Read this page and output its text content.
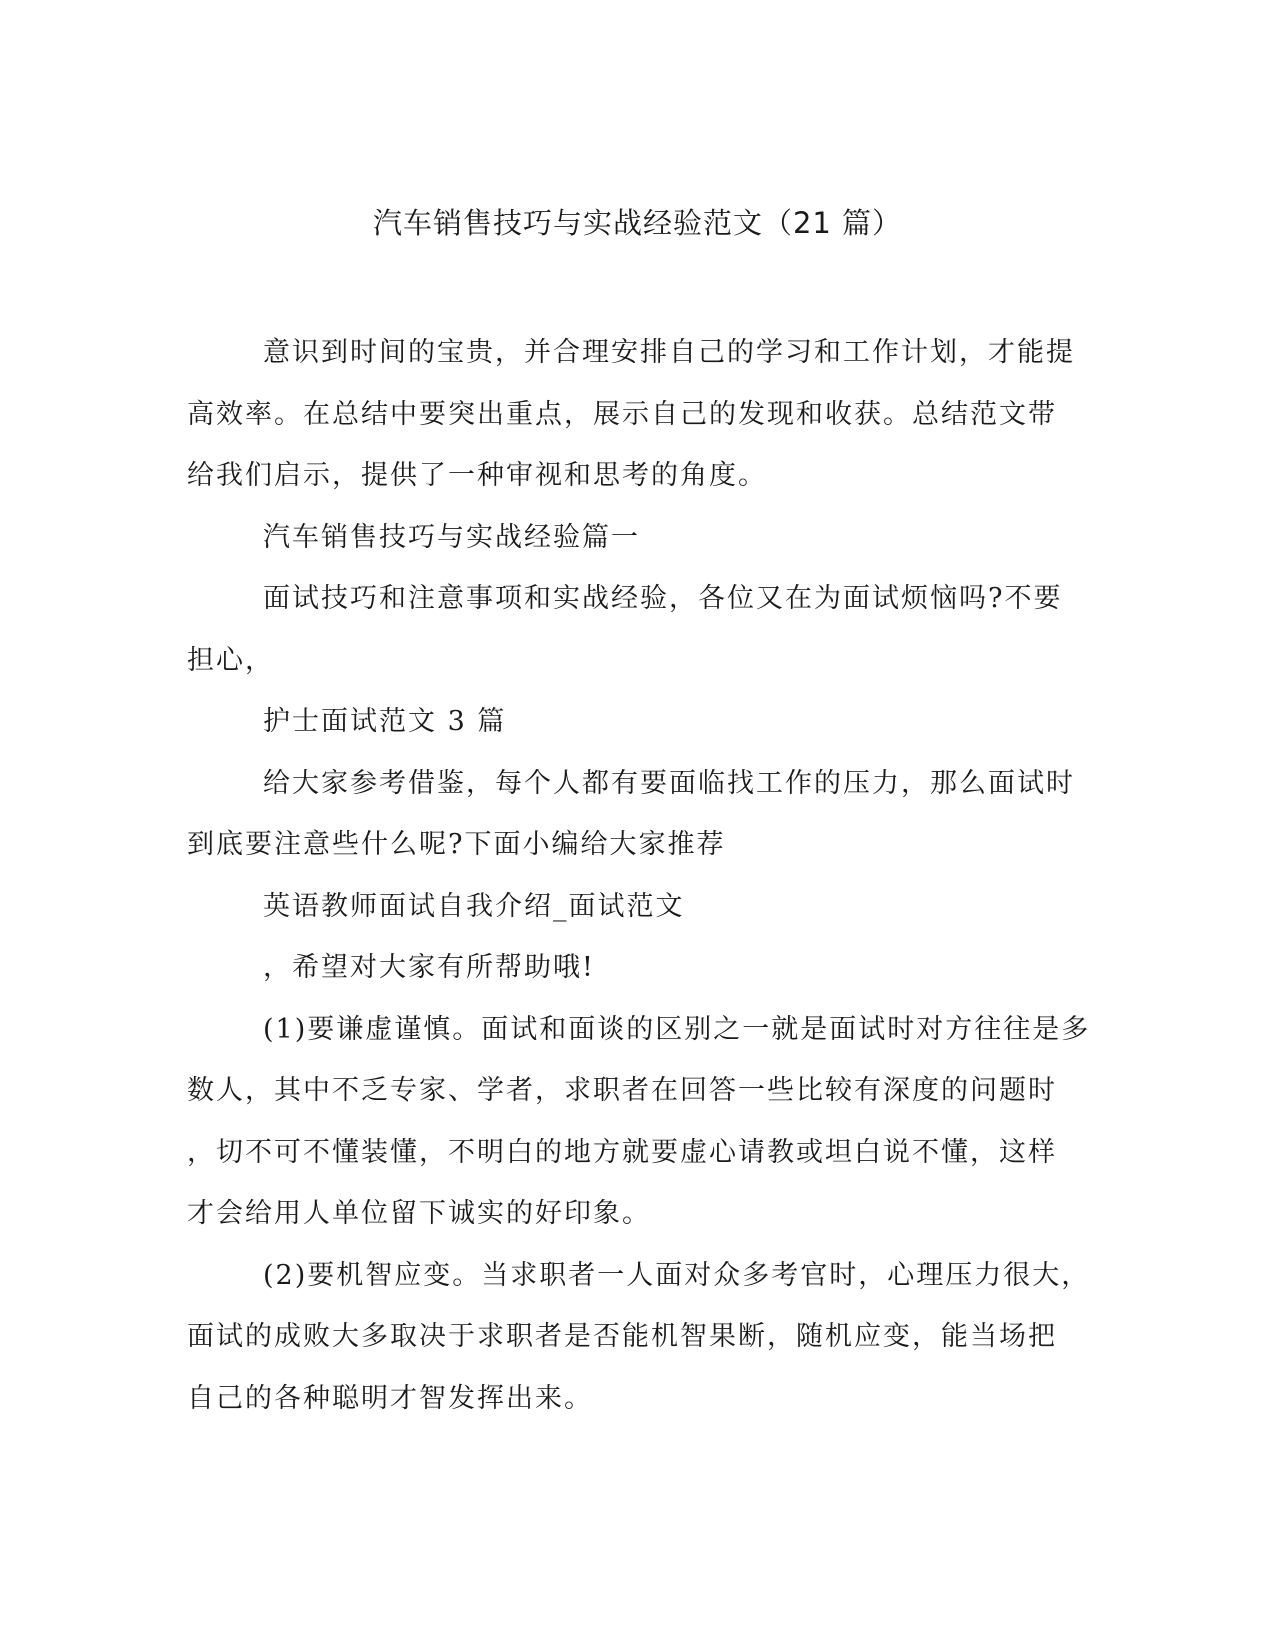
汽车销售技巧与实战经验范文（21 篇）
意识到时间的宝贵，并合理安排自己的学习和工作计划，才能提
高效率。在总结中要突出重点，展示自己的发现和收获。总结范文带
给我们启示，提供了一种审视和思考的角度。
汽车销售技巧与实战经验篇一
面试技巧和注意事项和实战经验，各位又在为面试烦恼吗?不要
担心，
护士面试范文 3 篇
给大家参考借鉴，每个人都有要面临找工作的压力，那么面试时
到底要注意些什么呢?下面小编给大家推荐
英语教师面试自我介绍_面试范文
，希望对大家有所帮助哦!
(1)要谦虚谨慎。面试和面谈的区别之一就是面试时对方往往是多
数人，其中不乏专家、学者，求职者在回答一些比较有深度的问题时
，切不可不懂装懂，不明白的地方就要虚心请教或坦白说不懂，这样
才会给用人单位留下诚实的好印象。
(2)要机智应变。当求职者一人面对众多考官时，心理压力很大，
面试的成败大多取决于求职者是否能机智果断，随机应变，能当场把
自己的各种聪明才智发挥出来。
